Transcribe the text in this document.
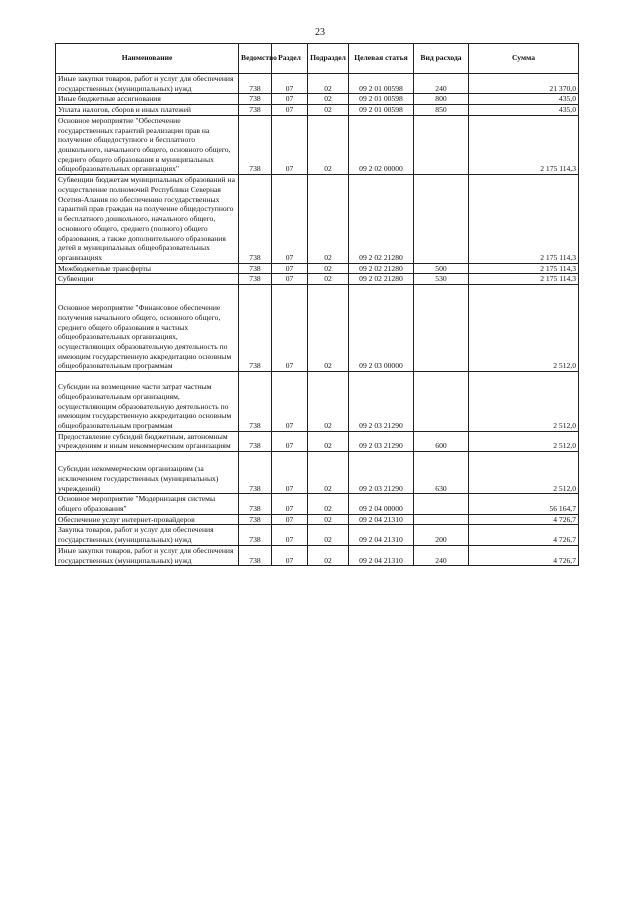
23
Наименование	Ведомство	Раздел	Подраздел	Целевая статья	Вид расхода	Сумма
Иные закупки товаров, работ и услуг для обеспечения государственных (муниципальных) нужд	738	07	02	09 2 01 00598	240	21 370,0
Иные бюджетные ассигнования	738	07	02	09 2 01 00598	800	435,0
Уплата налогов, сборов и иных платежей	738	07	02	09 2 01 00598	850	435,0
Основное мероприятие "Обеспечение государственных гарантий реализации прав на получение общедоступного и бесплатного дошкольного, начального общего, основного общего, среднего общего образования в муниципальных общеобразовательных организациях"	738	07	02	09 2 02 00000		2 175 114,3
Субвенции бюджетам муниципальных образований на осуществление полномочий Республики Северная Осетия-Алания по обеспечению государственных гарантий прав граждан на получение общедоступного и бесплатного дошкольного, начального общего, основного общего, среднего (полного) общего образования, а также дополнительного образования детей в муниципальных общеобразовательных организациях	738	07	02	09 2 02 21280		2 175 114,3
Межбюджетные трансферты	738	07	02	09 2 02 21280	500	2 175 114,3
Субвенции	738	07	02	09 2 02 21280	530	2 175 114,3
Основное мероприятие "Финансовое обеспечение получения начального общего, основного общего, среднего общего образования в частных общеобразовательных организациях, осуществляющих образовательную деятельность по имеющим государственную аккредитацию основным общеобразовательным программам	738	07	02	09 2 03 00000		2 512,0
Субсидии на возмещение части затрат частным общеобразовательным организациям, осуществляющим образовательную деятельность по имеющим государственную аккредитацию основным общеобразовательным программам	738	07	02	09 2 03 21290		2 512,0
Предоставление субсидий бюджетным, автономным учреждениям и иным некоммерческим организациям	738	07	02	09 2 03 21290	600	2 512,0
Субсидии некоммерческим организациям (за исключением государственных (муниципальных) учреждений)	738	07	02	09 2 03 21290	630	2 512,0
Основное мероприятие "Модернизация системы общего образования"	738	07	02	09 2 04 00000		56 164,7
Обеспечение услуг интернет-провайдеров	738	07	02	09 2 04 21310		4 726,7
Закупка товаров, работ и услуг для обеспечения государственных (муниципальных) нужд	738	07	02	09 2 04 21310	200	4 726,7
Иные закупки товаров, работ и услуг для обеспечения государственных (муниципальных) нужд	738	07	02	09 2 04 21310	240	4 726,7
